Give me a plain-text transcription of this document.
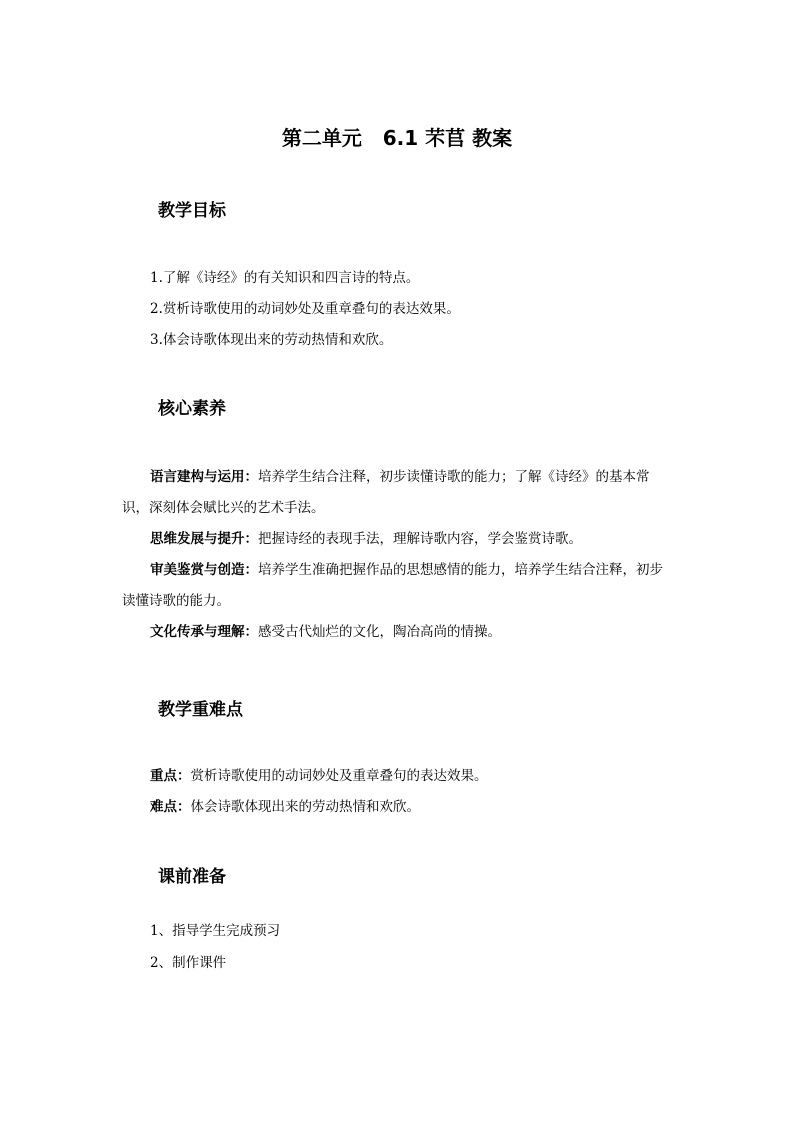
第二单元   6.1 芣苢 教案
教学目标
1.了解《诗经》的有关知识和四言诗的特点。
2.赏析诗歌使用的动词妙处及重章叠句的表达效果。
3.体会诗歌体现出来的劳动热情和欢欣。
核心素养

语言建构与运用：培养学生结合注释，初步读懂诗歌的能力；了解《诗经》的基本常识，深刻体会赋比兴的艺术手法。

思维发展与提升：把握诗经的表现手法，理解诗歌内容，学会鉴赏诗歌。

审美鉴赏与创造：培养学生准确把握作品的思想感情的能力，培养学生结合注释，初步读懂诗歌的能力。

文化传承与理解：感受古代灿烂的文化，陶冶高尚的情操。

教学重难点
重点：赏析诗歌使用的动词妙处及重章叠句的表达效果。
难点：体会诗歌体现出来的劳动热情和欢欣。
课前准备
1、指导学生完成预习
2、制作课件
